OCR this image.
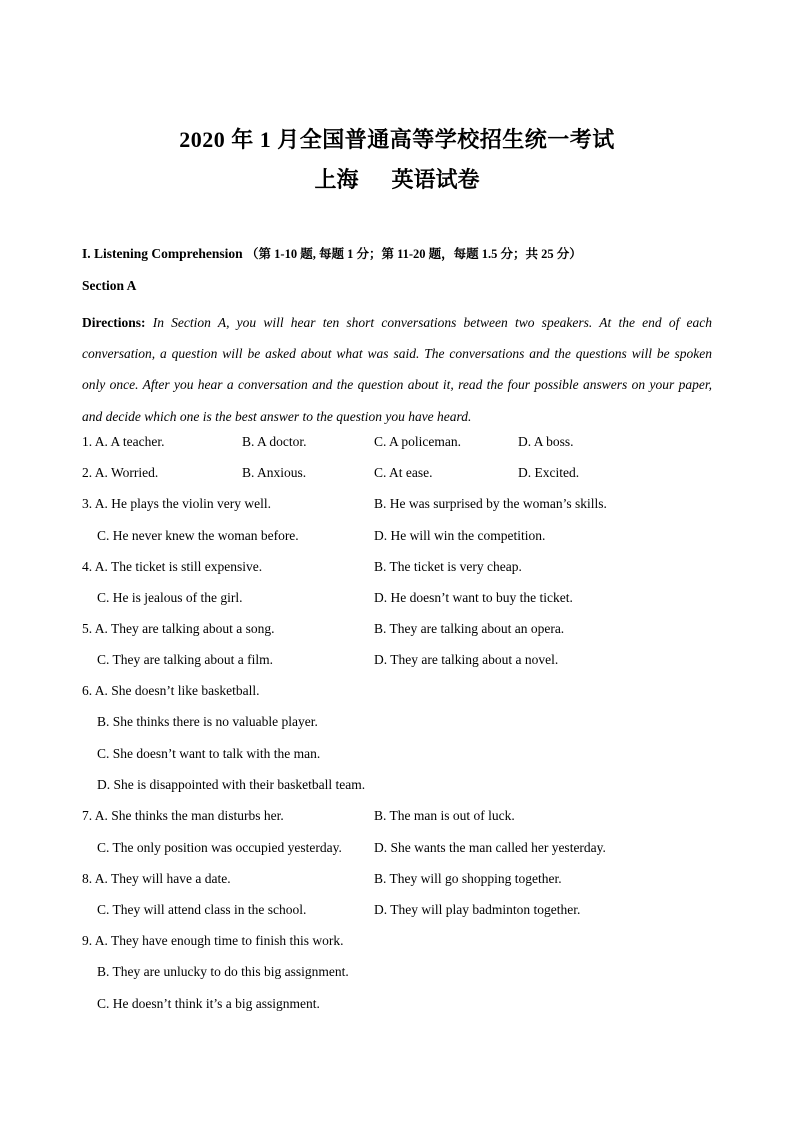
2020 年 1 月全国普通高等学校招生统一考试
上海      英语试卷
I. Listening Comprehension （第 1-10 题, 每题 1 分；第 11-20 题，每题 1.5 分；共 25 分）
Section A
Directions: In Section A, you will hear ten short conversations between two speakers. At the end of each conversation, a question will be asked about what was said. The conversations and the questions will be spoken only once. After you hear a conversation and the question about it, read the four possible answers on your paper, and decide which one is the best answer to the question you have heard.
1. A. A teacher.	B. A doctor.	C. A policeman.	D. A boss.
2. A. Worried.	B. Anxious.	C. At ease.	D. Excited.
3. A. He plays the violin very well.	B. He was surprised by the woman’s skills.
C. He never knew the woman before.	D. He will win the competition.
4. A. The ticket is still expensive.	B. The ticket is very cheap.
C. He is jealous of the girl.	D. He doesn’t want to buy the ticket.
5. A. They are talking about a song.	B. They are talking about an opera.
C. They are talking about a film.	D. They are talking about a novel.
6. A. She doesn’t like basketball.
B. She thinks there is no valuable player.
C. She doesn’t want to talk with the man.
D. She is disappointed with their basketball team.
7. A. She thinks the man disturbs her.	B. The man is out of luck.
C. The only position was occupied yesterday. D. She wants the man called her yesterday.
8. A. They will have a date.	B. They will go shopping together.
C. They will attend class in the school.	D. They will play badminton together.
9. A. They have enough time to finish this work.
B. They are unlucky to do this big assignment.
C. He doesn’t think it’s a big assignment.
